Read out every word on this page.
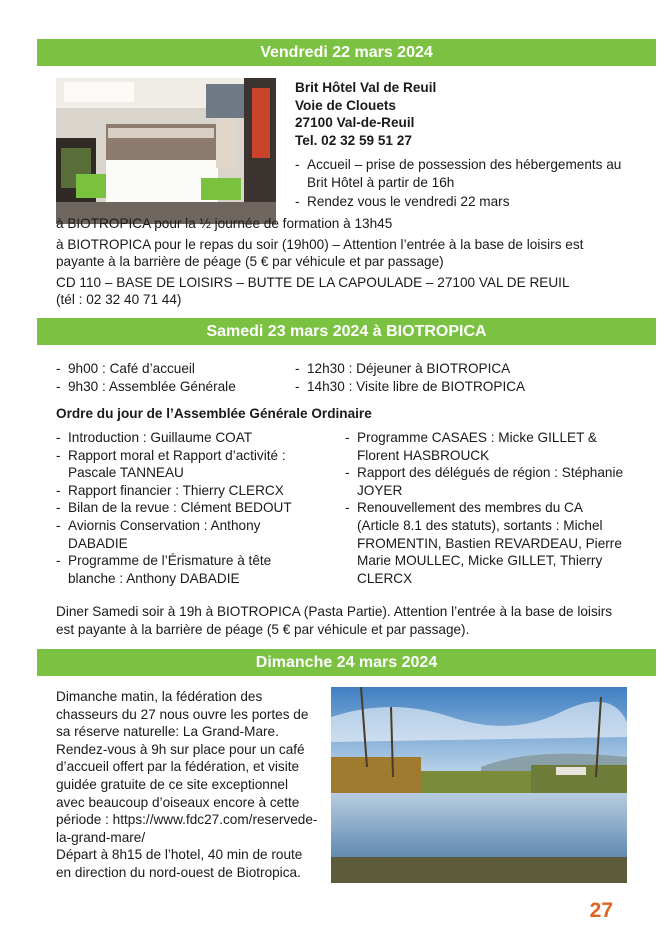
Vendredi 22 mars 2024
Brit Hôtel Val de Reuil
Voie de Clouets
27100 Val-de-Reuil
Tel. 02 32 59 51 27
- Accueil – prise de possession des hébergements au Brit Hôtel à partir de 16h
- Rendez vous le vendredi 22 mars
à BIOTROPICA pour la ½ journée de formation à 13h45
à BIOTROPICA pour le repas du soir (19h00) – Attention l’entrée à la base de loisirs est payante à la barrière de péage (5 € par véhicule et par passage)
CD 110 – BASE DE LOISIRS – BUTTE DE LA CAPOULADE – 27100 VAL DE REUIL
(tél : 02 32 40 71 44)
Samedi 23 mars 2024 à BIOTROPICA
- 9h00 : Café d’accueil
- 9h30 : Assemblée Générale
- 12h30 : Déjeuner à BIOTROPICA
- 14h30 : Visite libre de BIOTROPICA
Ordre du jour de l’Assemblée Générale Ordinaire
- Introduction : Guillaume COAT
- Rapport moral et Rapport d’activité : Pascale TANNEAU
- Rapport financier : Thierry CLERCX
- Bilan de la revue : Clément BEDOUT
- Aviornis Conservation : Anthony DABADIE
- Programme de l’Érismature à tête blanche : Anthony DABADIE
- Programme CASAES : Micke GILLET & Florent HASBROUCK
- Rapport des délégués de région : Stéphanie JOYER
- Renouvellement des membres du CA (Article 8.1 des statuts), sortants : Michel FROMENTIN, Bastien REVARDEAU, Pierre Marie MOULLEC, Micke GILLET, Thierry CLERCX
Diner Samedi soir à 19h à BIOTROPICA (Pasta Partie). Attention l’entrée à la base de loisirs est payante à la barrière de péage (5 € par véhicule et par passage).
Dimanche 24 mars 2024
Dimanche matin, la fédération des chasseurs du 27 nous ouvre les portes de sa réserve naturelle: La Grand-Mare.
Rendez-vous à 9h sur place pour un café d’accueil offert par la fédération, et visite guidée gratuite de ce site exceptionnel avec beaucoup d’oiseaux encore à cette période : https://www.fdc27.com/reservede-la-grand-mare/
Départ à 8h15 de l’hotel, 40 min de route en direction du nord-ouest de Biotropica.
27
